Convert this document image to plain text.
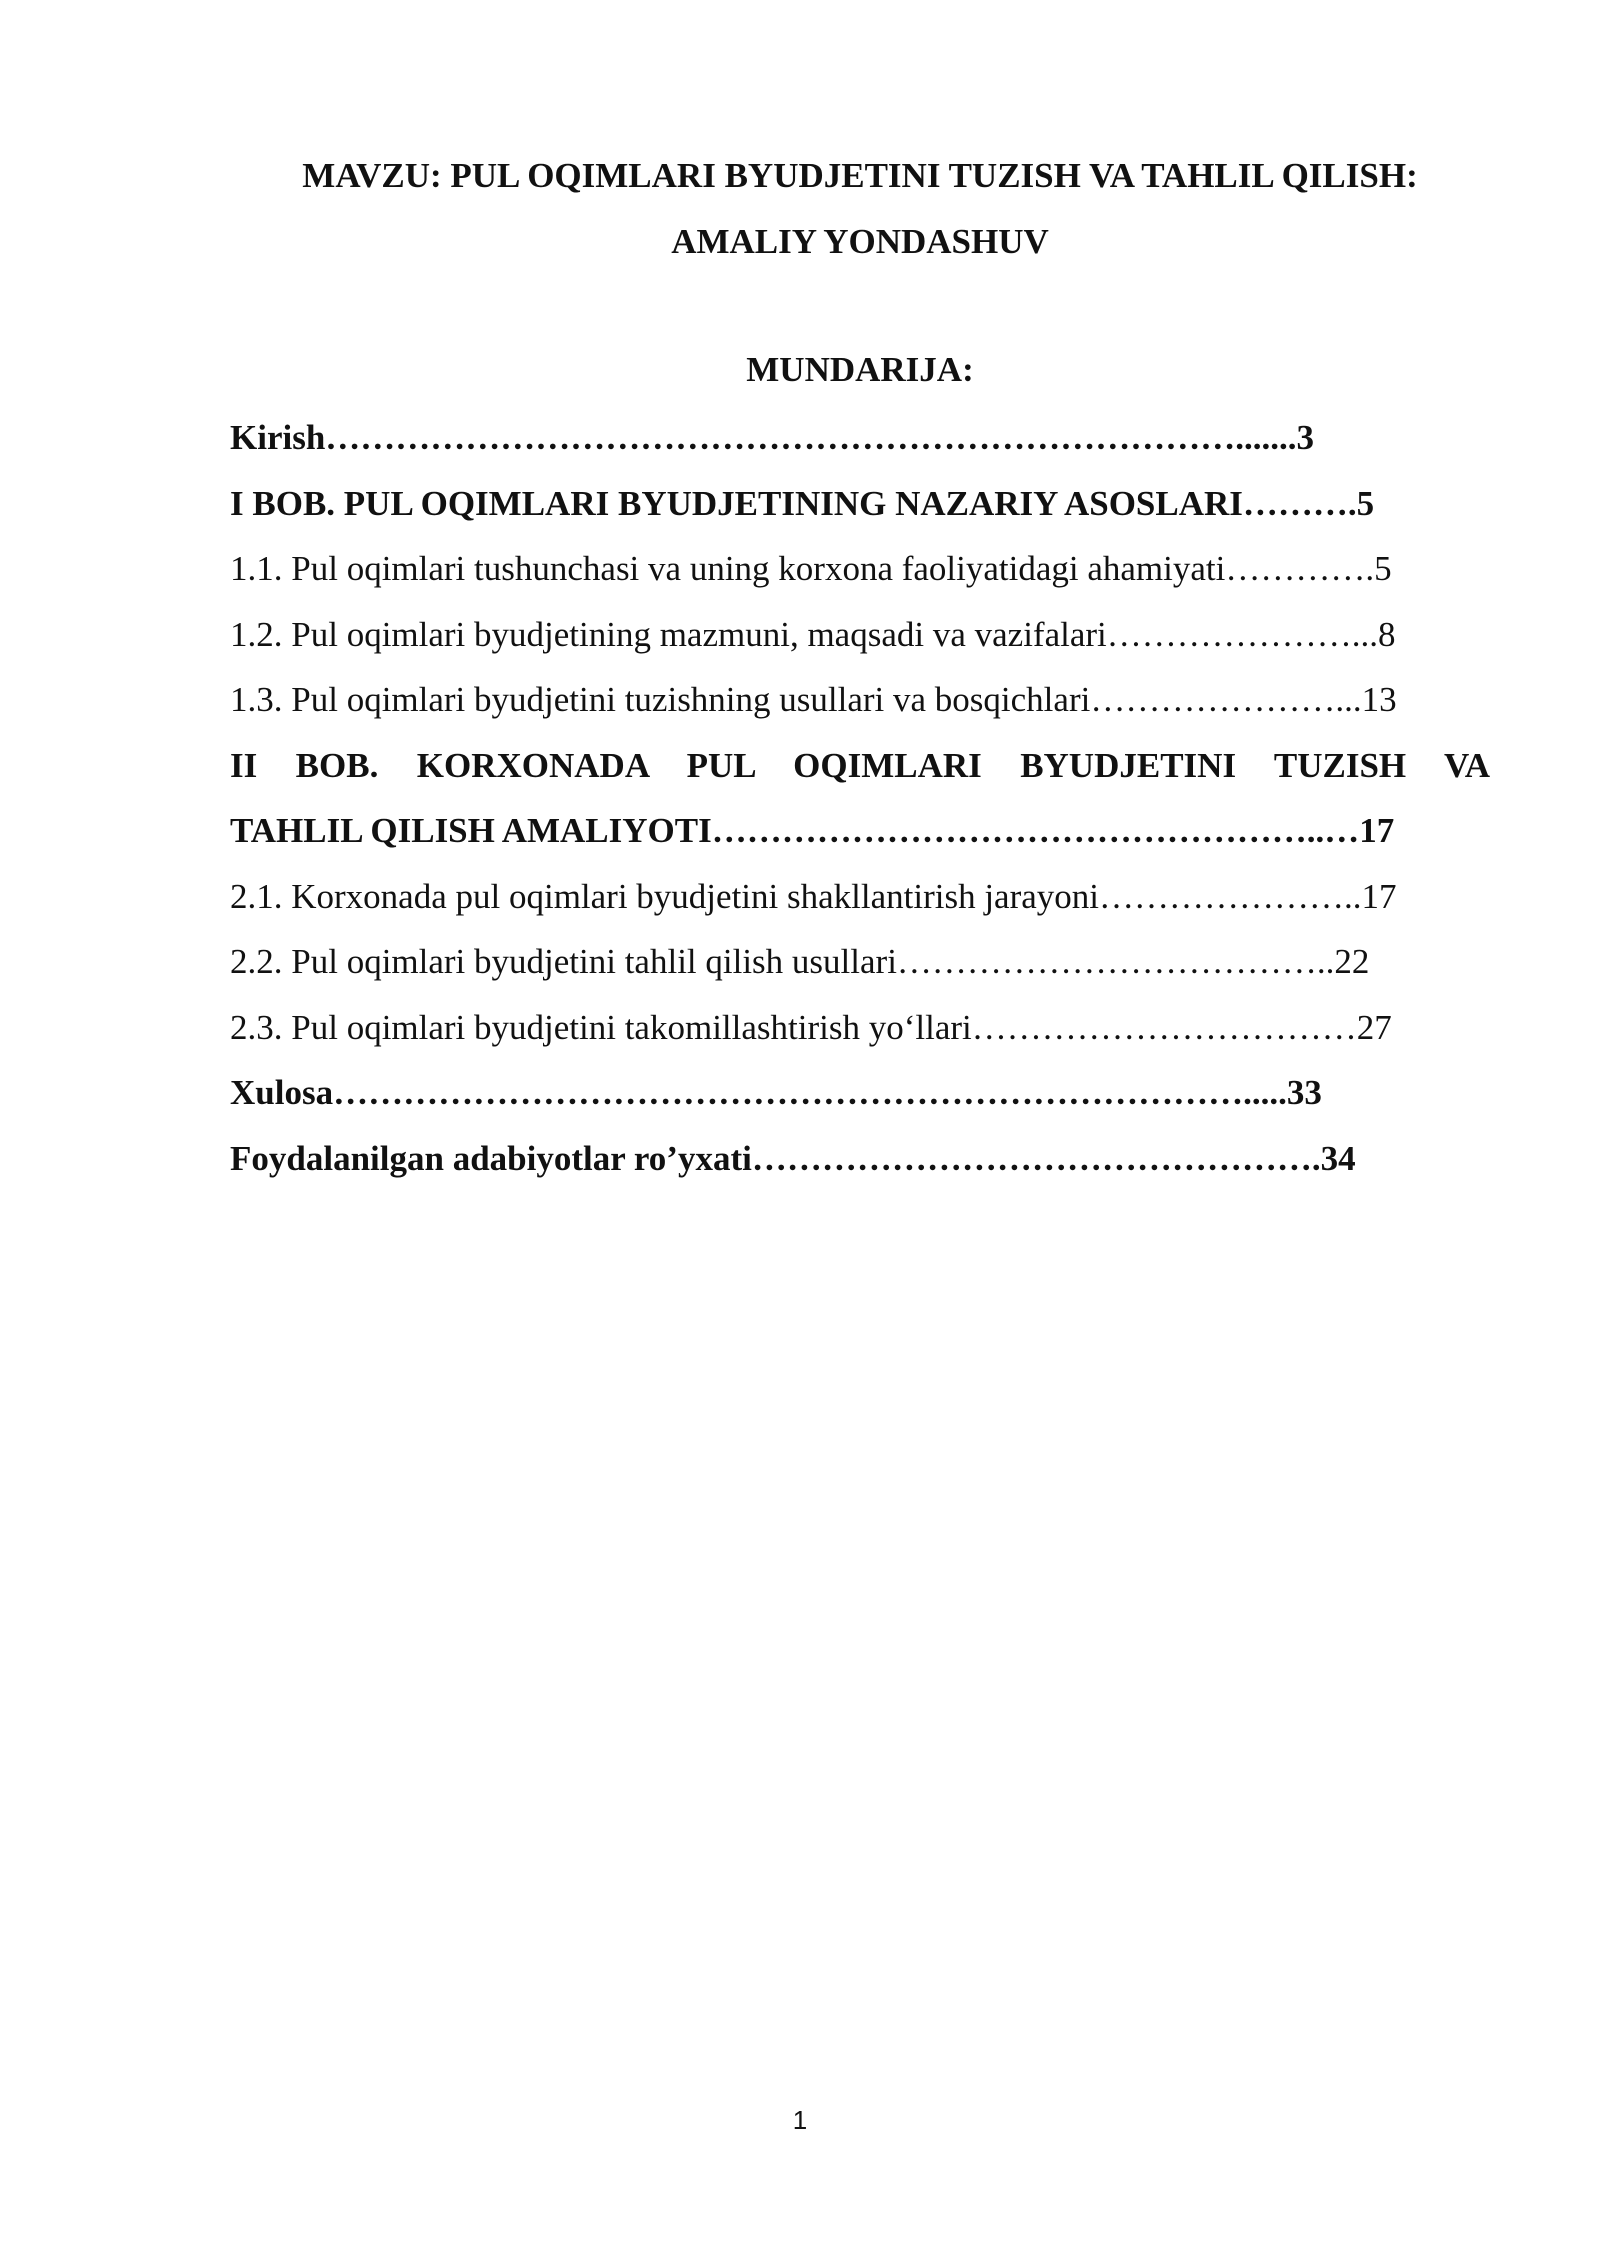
MAVZU: PUL OQIMLARI BYUDJETINI TUZISH VA TAHLIL QILISH:
AMALIY YONDASHUV
MUNDARIJA:
Kirish…………………………………………………………………….......3
I BOB. PUL OQIMLARI BYUDJETINING NAZARIY ASOSLARI……….5
1.1. Pul oqimlari tushunchasi va uning korxona faoliyatidagi ahamiyati………….5
1.2. Pul oqimlari byudjetining mazmuni, maqsadi va vazifalari…………………...8
1.3. Pul oqimlari byudjetini tuzishning usullari va bosqichlari…………………...13
II BOB. KORXONADA PUL OQIMLARI BYUDJETINI TUZISH VA
TAHLIL QILISH AMALIYOTI……………………………………………..…17
2.1. Korxonada pul oqimlari byudjetini shakllantirish jarayoni…………………..17
2.2. Pul oqimlari byudjetini tahlil qilish usullari………………………………..22
2.3. Pul oqimlari byudjetini takomillashtirish yo‘llari……………………………27
Xulosa…………………………………………………………………….....33
Foydalanilgan adabiyotlar ro’yxati………………………………………….34
1
